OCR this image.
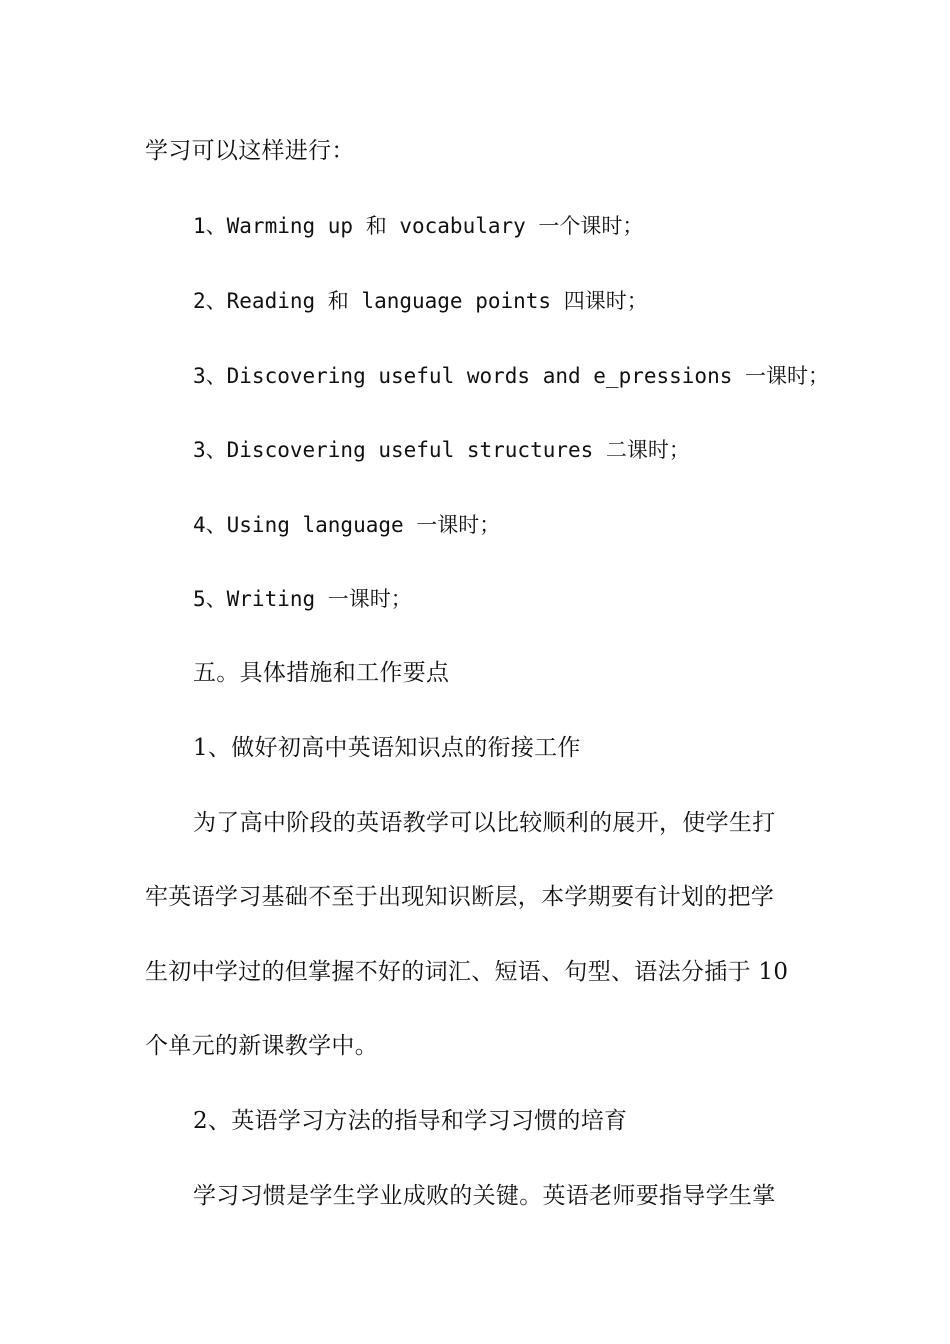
学习可以这样进行：
1、Warming up 和 vocabulary 一个课时；
2、Reading 和 language points 四课时；
3、Discovering useful words and e_pressions 一课时；
3、Discovering useful structures 二课时；
4、Using language 一课时；
5、Writing 一课时；
五。具体措施和工作要点
1、做好初高中英语知识点的衔接工作
为了高中阶段的英语教学可以比较顺利的展开，使学生打
牢英语学习基础不至于出现知识断层，本学期要有计划的把学
生初中学过的但掌握不好的词汇、短语、句型、语法分插于 10
个单元的新课教学中。
2、英语学习方法的指导和学习习惯的培育
学习习惯是学生学业成败的关键。英语老师要指导学生掌
